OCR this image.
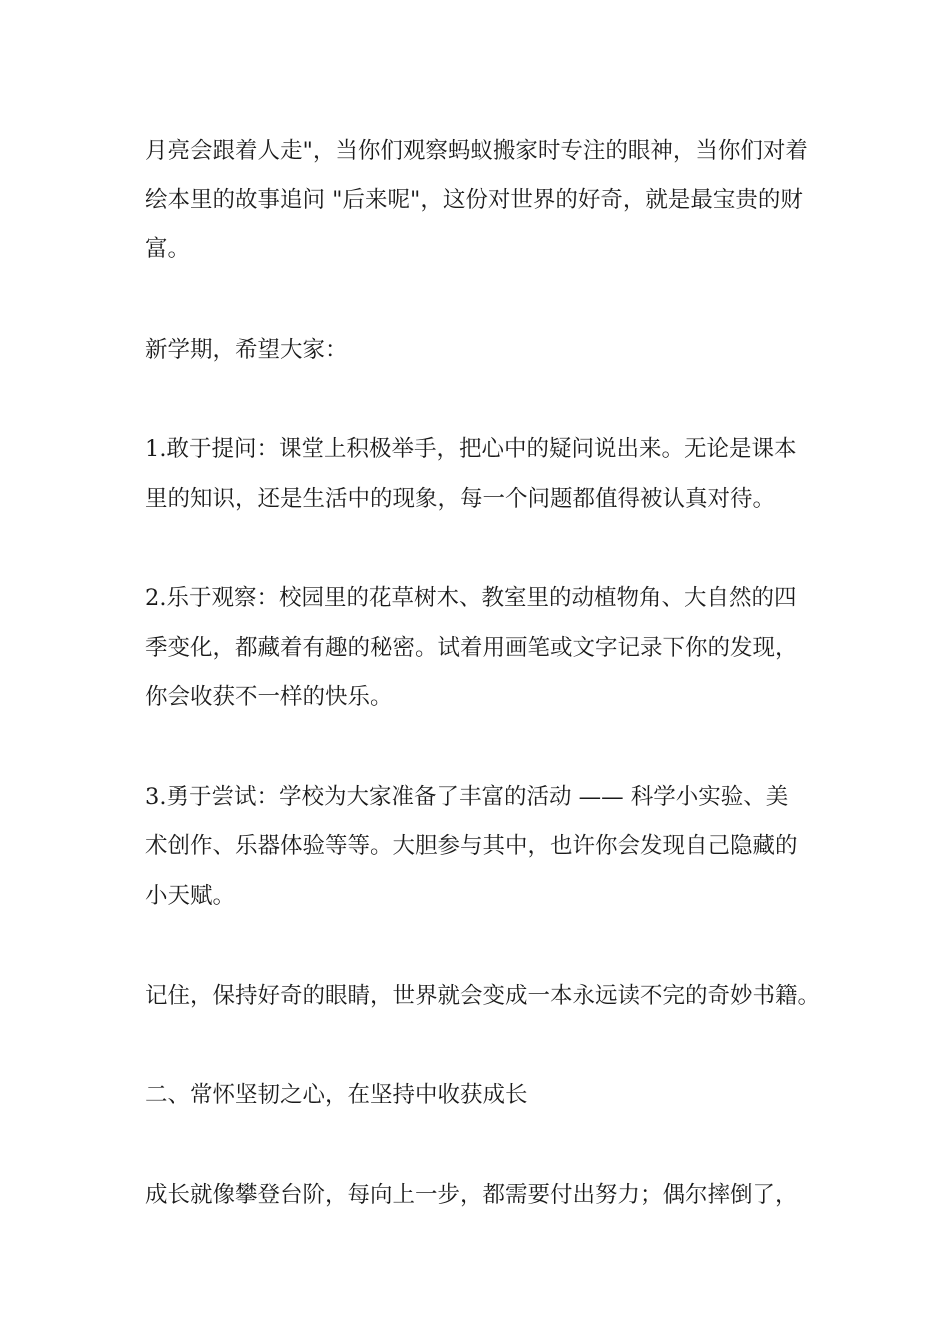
月亮会跟着人走"，当你们观察蚂蚁搬家时专注的眼神，当你们对着

绘本里的故事追问 "后来呢"，这份对世界的好奇，就是最宝贵的财

富。

新学期，希望大家：

1.敢于提问：课堂上积极举手，把心中的疑问说出来。无论是课本

里的知识，还是生活中的现象，每一个问题都值得被认真对待。

2.乐于观察：校园里的花草树木、教室里的动植物角、大自然的四

季变化，都藏着有趣的秘密。试着用画笔或文字记录下你的发现，

你会收获不一样的快乐。

3.勇于尝试：学校为大家准备了丰富的活动 —— 科学小实验、美

术创作、乐器体验等等。大胆参与其中，也许你会发现自己隐藏的

小天赋。

记住，保持好奇的眼睛，世界就会变成一本永远读不完的奇妙书籍。

二、常怀坚韧之心，在坚持中收获成长

成长就像攀登台阶，每向上一步，都需要付出努力；偶尔摔倒了，
